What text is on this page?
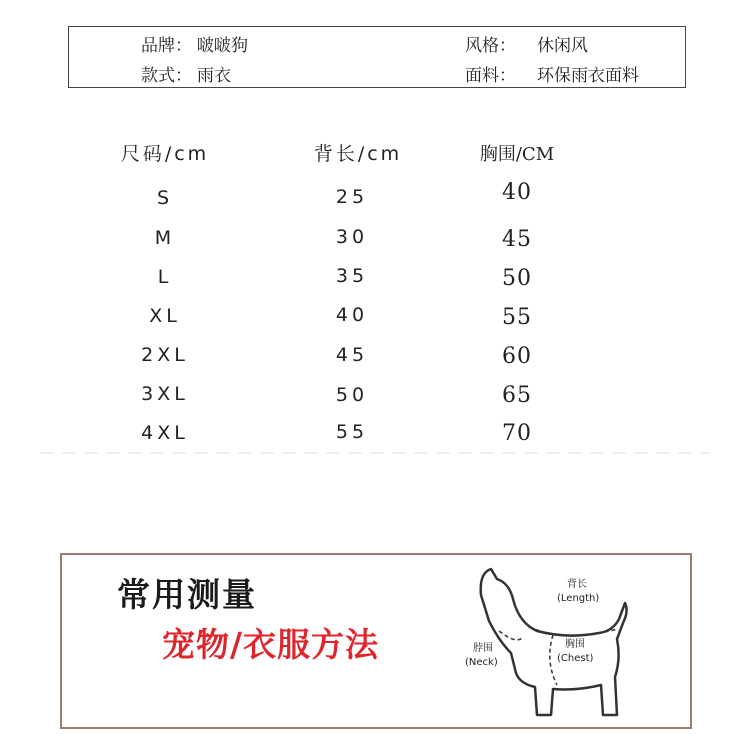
品牌： 啵啵狗
款式： 雨衣
风格： 休闲风
面料： 环保雨衣面料
尺码/cm	背长/cm	胸围/CM
S	25	40
M	30	45
L	35	50
XL	40	55
2XL	45	60
3XL	50	65
4XL	55	70
常用测量
宠物/衣服方法
背长
(Length)
脖围
(Neck)
胸围
(Chest)
